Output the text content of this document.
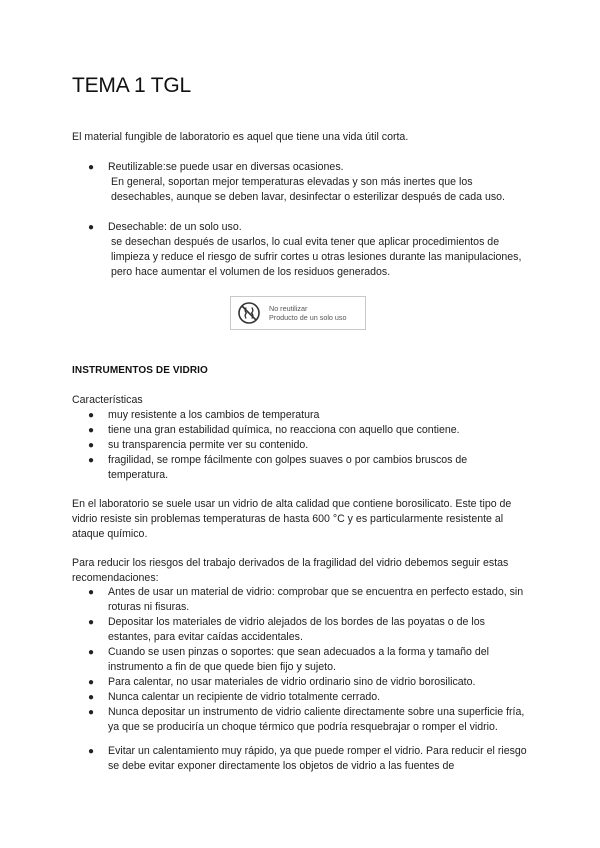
TEMA 1 TGL

El material fungible de laboratorio es aquel que tiene una vida útil corta.

● Reutilizable:se puede usar en diversas ocasiones.
En general, soportan mejor temperaturas elevadas y son más inertes que los desechables, aunque se deben lavar, desinfectar o esterilizar después de cada uso.
● Desechable: de un solo uso.
se desechan después de usarlos, lo cual evita tener que aplicar procedimientos de limpieza y reduce el riesgo de sufrir cortes u otras lesiones durante las manipulaciones, pero hace aumentar el volumen de los residuos generados.
No reutilizar
Producto de un solo uso
INSTRUMENTOS DE VIDRIO

Características

● muy resistente a los cambios de temperatura
● tiene una gran estabilidad química, no reacciona con aquello que contiene.
● su transparencia permite ver su contenido.
● fragilidad, se rompe fácilmente con golpes suaves o por cambios bruscos de temperatura.

En el laboratorio se suele usar un vidrio de alta calidad que contiene borosilicato. Este tipo de vidrio resiste sin problemas temperaturas de hasta 600 °C y es particularmente resistente al ataque químico.

Para reducir los riesgos del trabajo derivados de la fragilidad del vidrio debemos seguir estas recomendaciones:

● Antes de usar un material de vidrio: comprobar que se encuentra en perfecto estado, sin roturas ni fisuras.
● Depositar los materiales de vidrio alejados de los bordes de las poyatas o de los estantes, para evitar caídas accidentales.
● Cuando se usen pinzas o soportes: que sean adecuados a la forma y tamaño del instrumento a fin de que quede bien fijo y sujeto.
● Para calentar, no usar materiales de vidrio ordinario sino de vidrio borosilicato.
● Nunca calentar un recipiente de vidrio totalmente cerrado.
● Nunca depositar un instrumento de vidrio caliente directamente sobre una superficie fría, ya que se produciría un choque térmico que podría resquebrajar o romper el vidrio.
● Evitar un calentamiento muy rápido, ya que puede romper el vidrio. Para reducir el riesgo se debe evitar exponer directamente los objetos de vidrio a las fuentes de
